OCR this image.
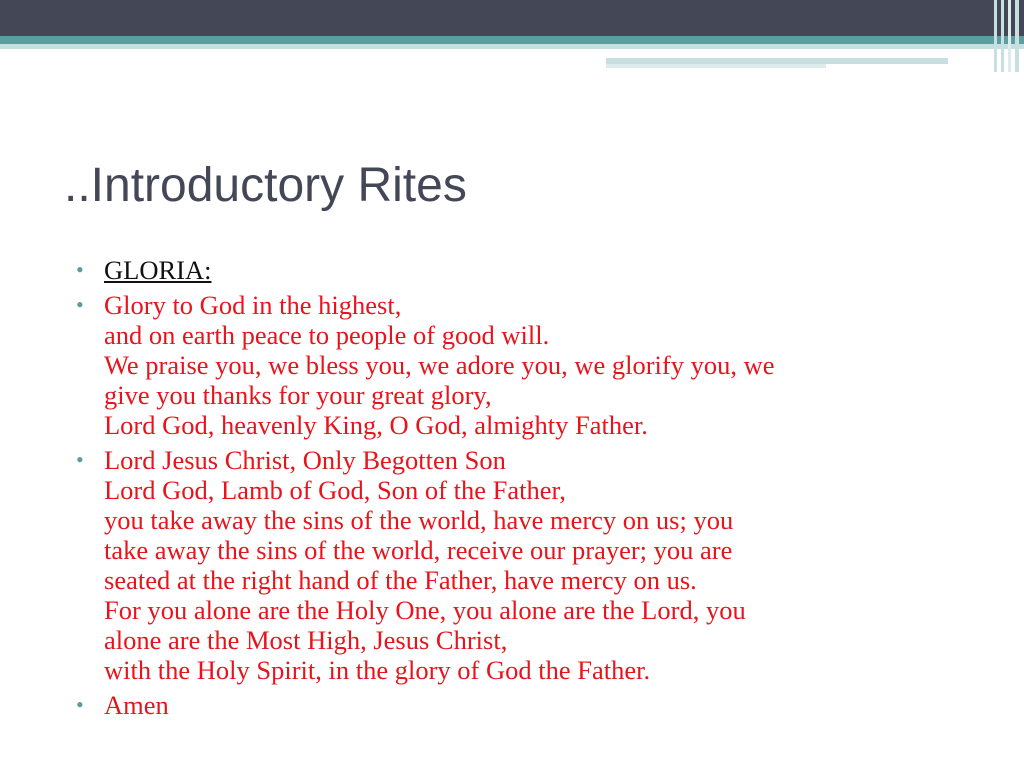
..Introductory Rites
• GLORIA:
• Glory to God in the highest,
and on earth peace to people of good will.
We praise you, we bless you, we adore you, we glorify you, we
give you thanks for your great glory,
Lord God, heavenly King, O God, almighty Father.
• Lord Jesus Christ, Only Begotten Son
Lord God, Lamb of God, Son of the Father,
you take away the sins of the world, have mercy on us; you
take away the sins of the world, receive our prayer; you are
seated at the right hand of the Father, have mercy on us.
For you alone are the Holy One, you alone are the Lord, you
alone are the Most High, Jesus Christ,
with the Holy Spirit, in the glory of God the Father.
• Amen
